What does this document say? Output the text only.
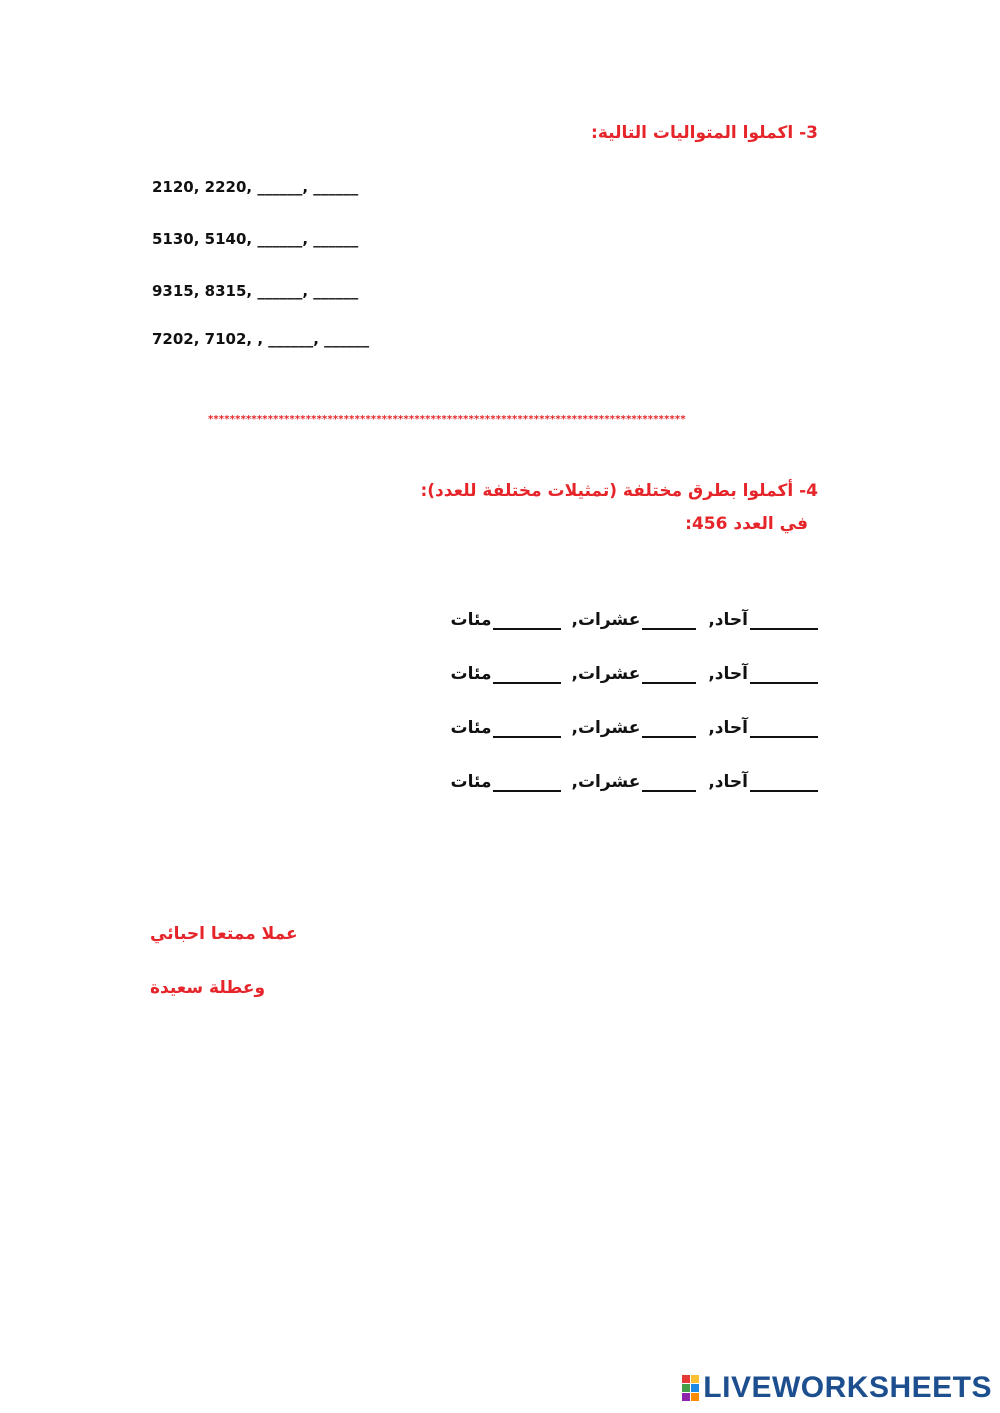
3- اكملوا المتواليات التالية:
2120, 2220, ______, ______
5130, 5140, ______, ______
9315, 8315, ______, ______
7202, 7102, , ______, ______
****************************************************************************************
4- أكملوا بطرق مختلفة (تمثيلات مختلفة للعدد):
في العدد 456:
آحاد,
عشرات,
مئات
آحاد,
عشرات,
مئات
آحاد,
عشرات,
مئات
آحاد,
عشرات,
مئات
عملا ممتعا احبائي
وعطلة سعيدة
LIVEWORKSHEETS
